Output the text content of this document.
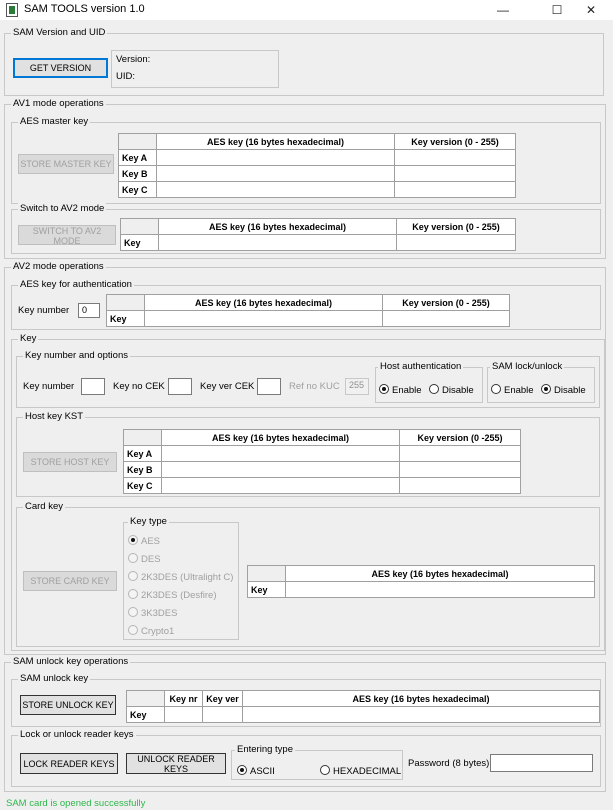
SAM TOOLS version 1.0	—	☐	✕
SAM Version and UID
GET VERSION
Version:
UID:
AV1 mode operations
AES master key
STORE MASTER KEY
	AES key (16 bytes hexadecimal)	Key version (0 - 255)
Key A		
Key B		
Key C		
Switch to AV2 mode
SWITCH TO AV2 MODE
	AES key (16 bytes hexadecimal)	Key version (0 - 255)
Key		
AV2 mode operations
AES key for authentication
Key number	0
	AES key (16 bytes hexadecimal)	Key version (0 - 255)
Key		
Key
Key number and options
Key number	Key no CEK	Key ver CEK	Ref no KUC	255
Host authentication
Enable	Disable
SAM lock/unlock
Enable	Disable
Host key KST
STORE HOST KEY
	AES key (16 bytes hexadecimal)	Key version (0 -255)
Key A		
Key B		
Key C		
Card key
STORE CARD KEY
Key type
AES
DES
2K3DES (Ultralight C)
2K3DES (Desfire)
3K3DES
Crypto1
	AES key (16 bytes hexadecimal)
Key	
SAM unlock key operations
SAM unlock key
STORE UNLOCK KEY
	Key nr	Key ver	AES key (16 bytes hexadecimal)
Key			
Lock or unlock reader keys
LOCK READER KEYS	UNLOCK READER KEYS
Entering type
ASCII	HEXADECIMAL
Password (8 bytes)
SAM card is opened successfully
